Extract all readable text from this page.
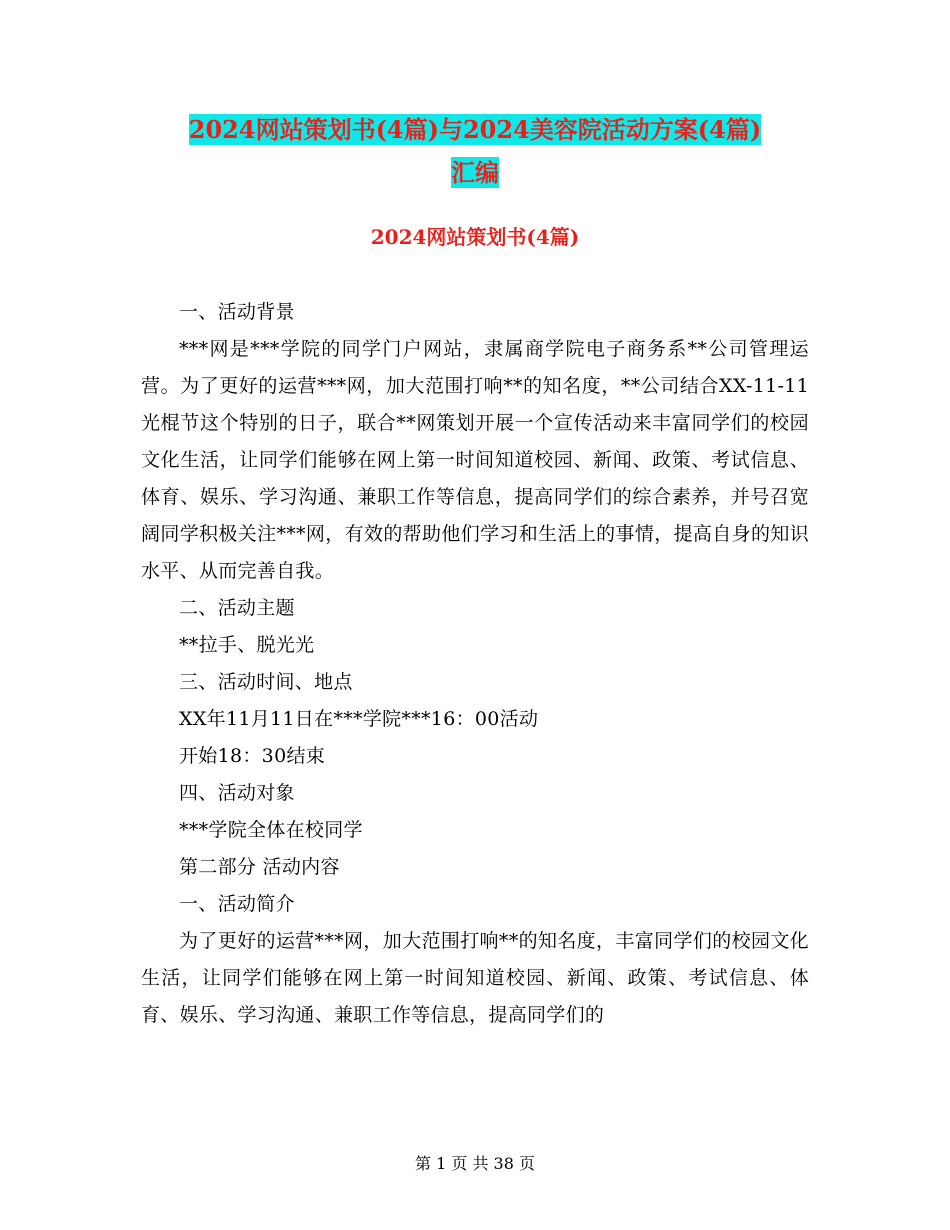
2024网站策划书(4篇)与2024美容院活动方案(4篇)
汇编
2024网站策划书(4篇)

一、活动背景

***网是***学院的同学门户网站，隶属商学院电子商务系**公司管理运营。为了更好的运营***网，加大范围打响**的知名度，**公司结合XX-11-11光棍节这个特别的日子，联合**网策划开展一个宣传活动来丰富同学们的校园文化生活，让同学们能够在网上第一时间知道校园、新闻、政策、考试信息、体育、娱乐、学习沟通、兼职工作等信息，提高同学们的综合素养，并号召宽阔同学积极关注***网，有效的帮助他们学习和生活上的事情，提高自身的知识水平、从而完善自我。

二、活动主题

**拉手、脱光光

三、活动时间、地点

XX年11月11日在***学院***16：00活动

开始18：30结束

四、活动对象

***学院全体在校同学

第二部分 活动内容

一、活动简介

为了更好的运营***网，加大范围打响**的知名度，丰富同学们的校园文化生活，让同学们能够在网上第一时间知道校园、新闻、政策、考试信息、体育、娱乐、学习沟通、兼职工作等信息，提高同学们的

第 1 页 共 38 页
